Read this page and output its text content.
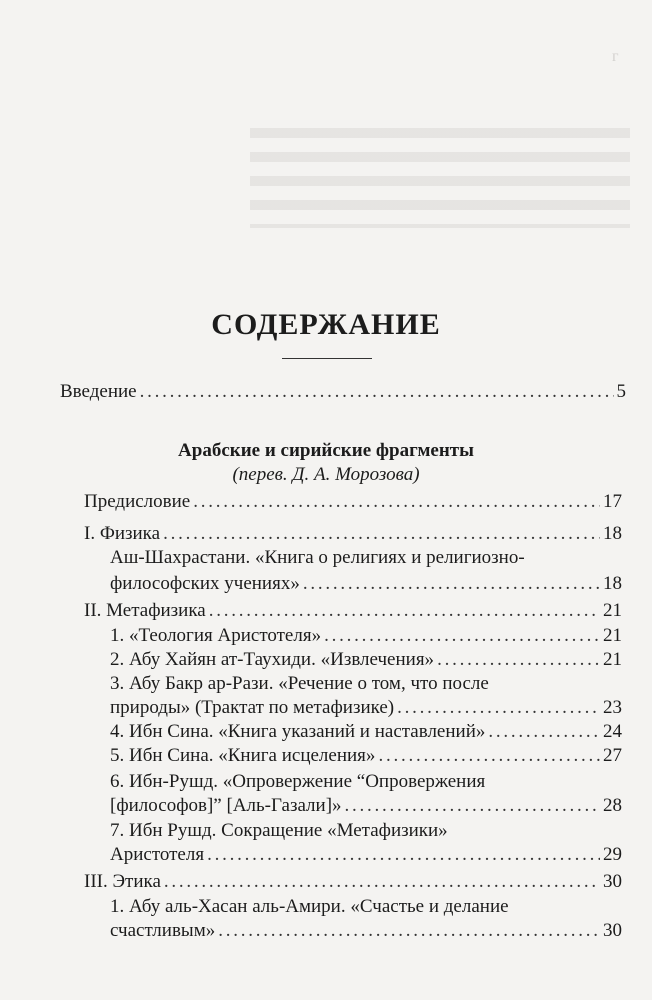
г
СОДЕРЖАНИЕ
Введение . . .	5
Арабские и сирийские фрагменты
(перев. Д. А. Морозова)
Предисловие . . .	17
I. Физика . . .	18
Аш-Шахрастани. «Книга о религиях и религиозно-
философских учениях» . . .	18
II. Метафизика . . .	21
1. «Теология Аристотеля» . . .	21
2. Абу Хайян ат-Таухиди. «Извлечения» . . .	21
3. Абу Бакр ар-Рази. «Речение о том, что после
природы» (Трактат по метафизике) . . .	23
4. Ибн Сина. «Книга указаний и наставлений» . . .	24
5. Ибн Сина. «Книга исцеления» . . .	27
6. Ибн-Рушд. «Опровержение “Опровержения
[философов]” [Аль-Газали]» . . .	28
7. Ибн Рушд. Сокращение «Метафизики»
Аристотеля . . .	29
III. Этика . . .	30
1. Абу аль-Хасан аль-Амири. «Счастье и делание
счастливым» . . .	30
